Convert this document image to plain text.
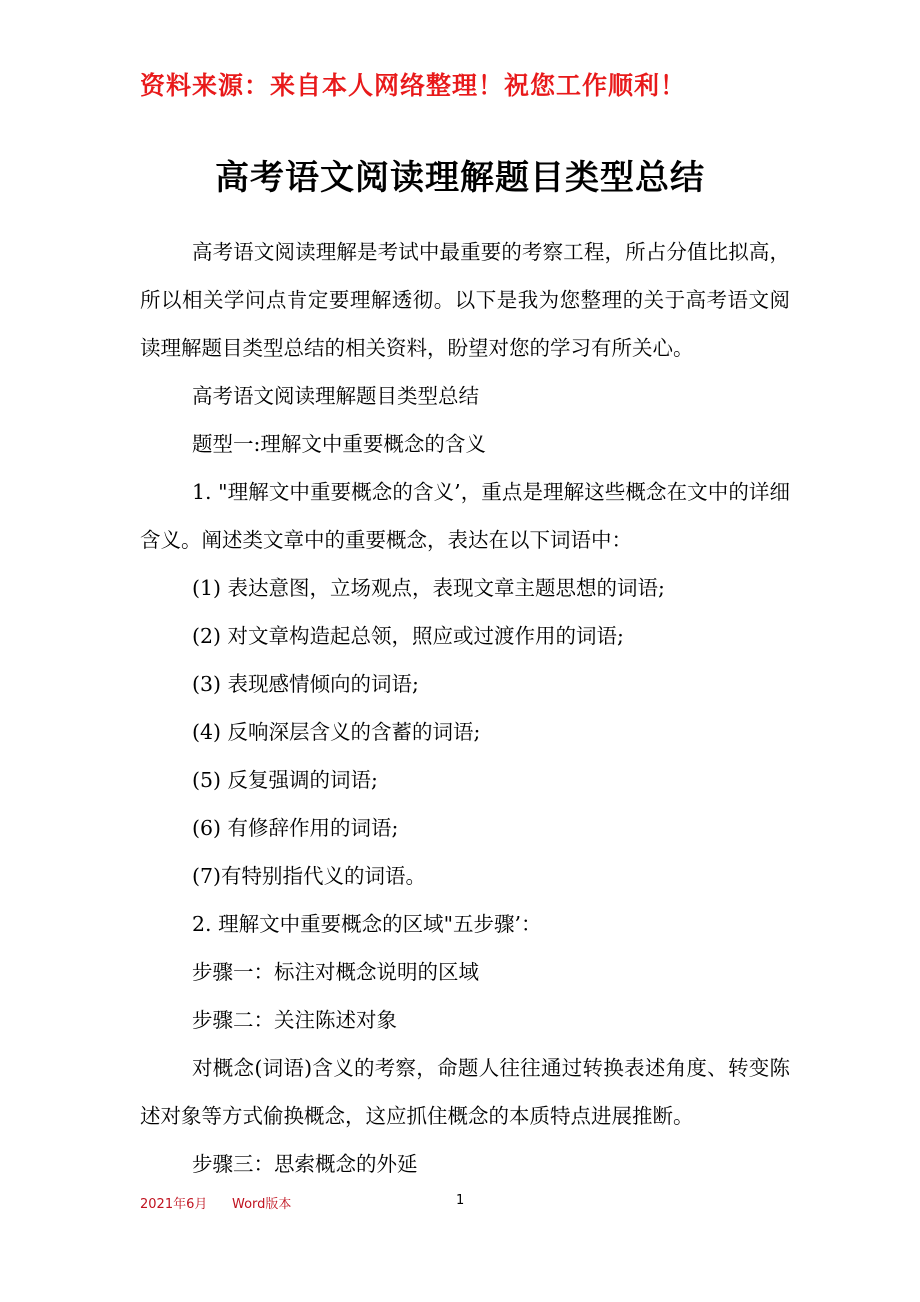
资料来源：来自本人网络整理！祝您工作顺利！
高考语文阅读理解题目类型总结

高考语文阅读理解是考试中最重要的考察工程，所占分值比拟高，所以相关学问点肯定要理解透彻。以下是我为您整理的关于高考语文阅读理解题目类型总结的相关资料，盼望对您的学习有所关心。

高考语文阅读理解题目类型总结

题型一:理解文中重要概念的含义

1. "理解文中重要概念的含义’，重点是理解这些概念在文中的详细含义。阐述类文章中的重要概念，表达在以下词语中：

(1) 表达意图，立场观点，表现文章主题思想的词语;

(2) 对文章构造起总领，照应或过渡作用的词语;

(3) 表现感情倾向的词语;

(4) 反响深层含义的含蓄的词语;

(5) 反复强调的词语;

(6) 有修辞作用的词语;

(7)有特别指代义的词语。

2. 理解文中重要概念的区域"五步骤’：

步骤一：标注对概念说明的区域

步骤二：关注陈述对象

对概念(词语)含义的考察，命题人往往通过转换表述角度、转变陈述对象等方式偷换概念，这应抓住概念的本质特点进展推断。

步骤三：思索概念的外延

2021年6月 Word版本	1
